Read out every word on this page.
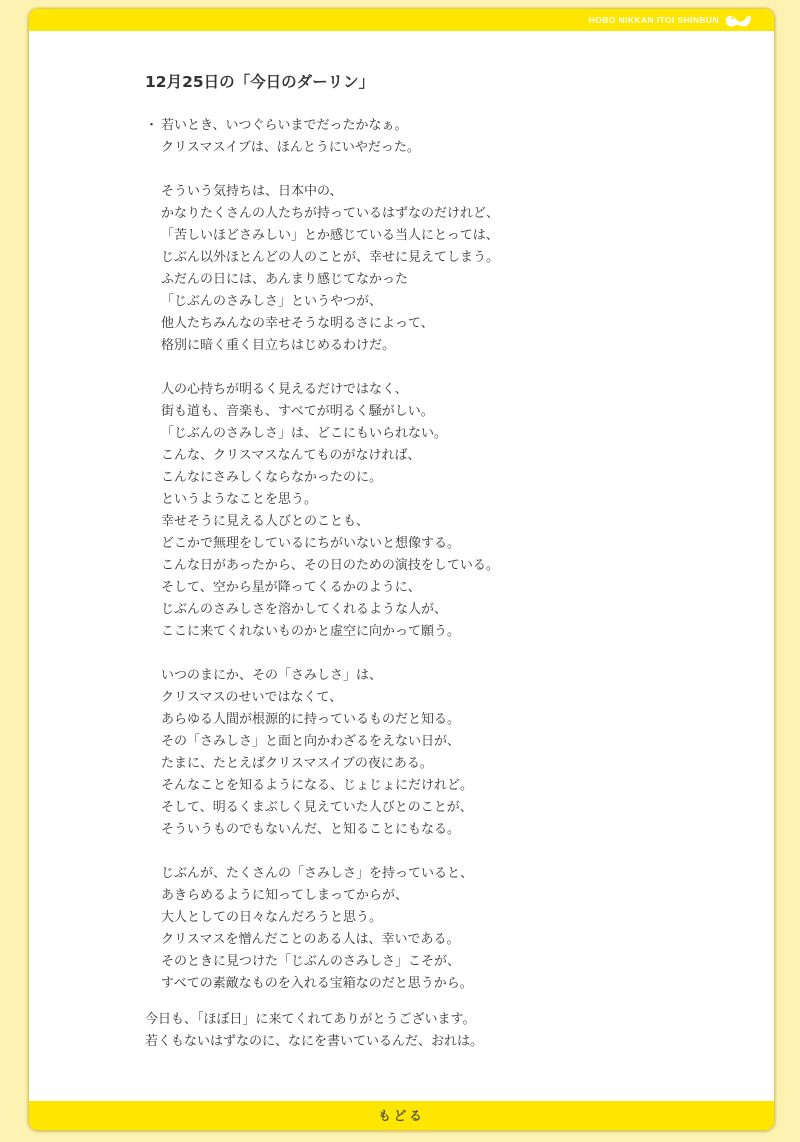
HOBO NIKKAN ITOI SHINBUN
12月25日の「今日のダーリン」
・ 若いとき、いつぐらいまでだったかなぁ。
クリスマスイブは、ほんとうにいやだった。
そういう気持ちは、日本中の、
かなりたくさんの人たちが持っているはずなのだけれど、
「苦しいほどさみしい」とか感じている当人にとっては、
じぶん以外ほとんどの人のことが、幸せに見えてしまう。
ふだんの日には、あんまり感じてなかった
「じぶんのさみしさ」というやつが、
他人たちみんなの幸せそうな明るさによって、
格別に暗く重く目立ちはじめるわけだ。
人の心持ちが明るく見えるだけではなく、
街も道も、音楽も、すべてが明るく騒がしい。
「じぶんのさみしさ」は、どこにもいられない。
こんな、クリスマスなんてものがなければ、
こんなにさみしくならなかったのに。
というようなことを思う。
幸せそうに見える人びとのことも、
どこかで無理をしているにちがいないと想像する。
こんな日があったから、その日のための演技をしている。
そして、空から星が降ってくるかのように、
じぶんのさみしさを溶かしてくれるような人が、
ここに来てくれないものかと虚空に向かって願う。
いつのまにか、その「さみしさ」は、
クリスマスのせいではなくて、
あらゆる人間が根源的に持っているものだと知る。
その「さみしさ」と面と向かわざるをえない日が、
たまに、たとえばクリスマスイブの夜にある。
そんなことを知るようになる、じょじょにだけれど。
そして、明るくまぶしく見えていた人びとのことが、
そういうものでもないんだ、と知ることにもなる。
じぶんが、たくさんの「さみしさ」を持っていると、
あきらめるように知ってしまってからが、
大人としての日々なんだろうと思う。
クリスマスを憎んだことのある人は、幸いである。
そのときに見つけた「じぶんのさみしさ」こそが、
すべての素敵なものを入れる宝箱なのだと思うから。
今日も、「ほぼ日」に来てくれてありがとうございます。
若くもないはずなのに、なにを書いているんだ、おれは。
もどる
